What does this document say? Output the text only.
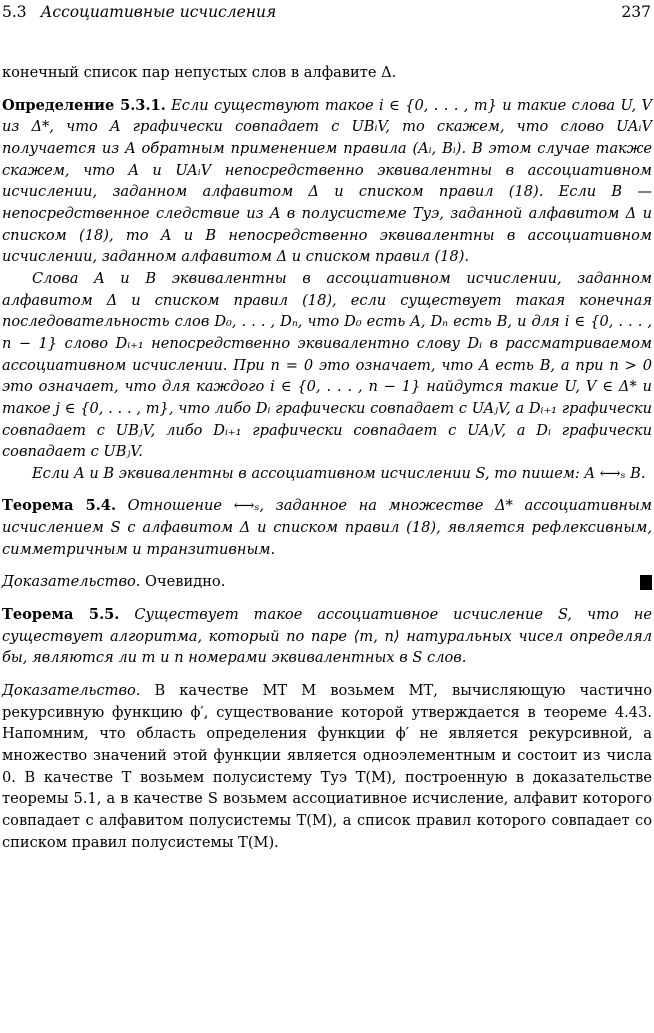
5.3 Ассоциативные исчисления	237

конечный список пар непустых слов в алфавите Δ.

Определение 5.3.1. Если существуют такое i ∈ {0, . . . , m} и такие слова U, V из Δ*, что A графически совпадает с UBᵢV, то скажем, что слово UAᵢV получается из A обратным применением правила (Aᵢ, Bᵢ). В этом случае также скажем, что A и UAᵢV непосредственно эквивалентны в ассоциативном исчислении, заданном алфавитом Δ и списком правил (18). Если B — непосредственное следствие из A в полусистеме Туэ, заданной алфавитом Δ и списком (18), то A и B непосредственно эквивалентны в ассоциативном исчислении, заданном алфавитом Δ и списком правил (18).

Слова A и B эквивалентны в ассоциативном исчислении, заданном алфавитом Δ и списком правил (18), если существует такая конечная последовательность слов D₀, . . . , Dₙ, что D₀ есть A, Dₙ есть B, и для i ∈ {0, . . . , n − 1} слово Dᵢ₊₁ непосредственно эквивалентно слову Dᵢ в рассматриваемом ассоциативном исчислении. При n = 0 это означает, что A есть B, а при n > 0 это означает, что для каждого i ∈ {0, . . . , n − 1} найдутся такие U, V ∈ Δ* и такое j ∈ {0, . . . , m}, что либо Dᵢ графически совпадает с UAⱼV, а Dᵢ₊₁ графически совпадает с UBⱼV, либо Dᵢ₊₁ графически совпадает с UAⱼV, а Dᵢ графически совпадает с UBⱼV.

Если A и B эквивалентны в ассоциативном исчислении S, то пишем: A ⟷ₛ B.

Теорема 5.4. Отношение ⟷ₛ, заданное на множестве Δ* ассоциативным исчислением S с алфавитом Δ и списком правил (18), является рефлексивным, симметричным и транзитивным.

Доказательство. Очевидно.

Теорема 5.5. Существует такое ассоциативное исчисление S, что не существует алгоритма, который по паре ⟨m, n⟩ натуральных чисел определял бы, являются ли m и n номерами эквивалентных в S слов.

Доказательство. В качестве МТ M возьмем МТ, вычисляющую частично рекурсивную функцию ϕ′, существование которой утверждается в теореме 4.43. Напомним, что область определения функции ϕ′ не является рекурсивной, а множество значений этой функции является одноэлементным и состоит из числа 0. В качестве T возьмем полусистему Туэ T(M), построенную в доказательстве теоремы 5.1, а в качестве S возьмем ассоциативное исчисление, алфавит которого совпадает с алфавитом полусистемы T(M), а список правил которого совпадает со списком правил полусистемы T(M).
